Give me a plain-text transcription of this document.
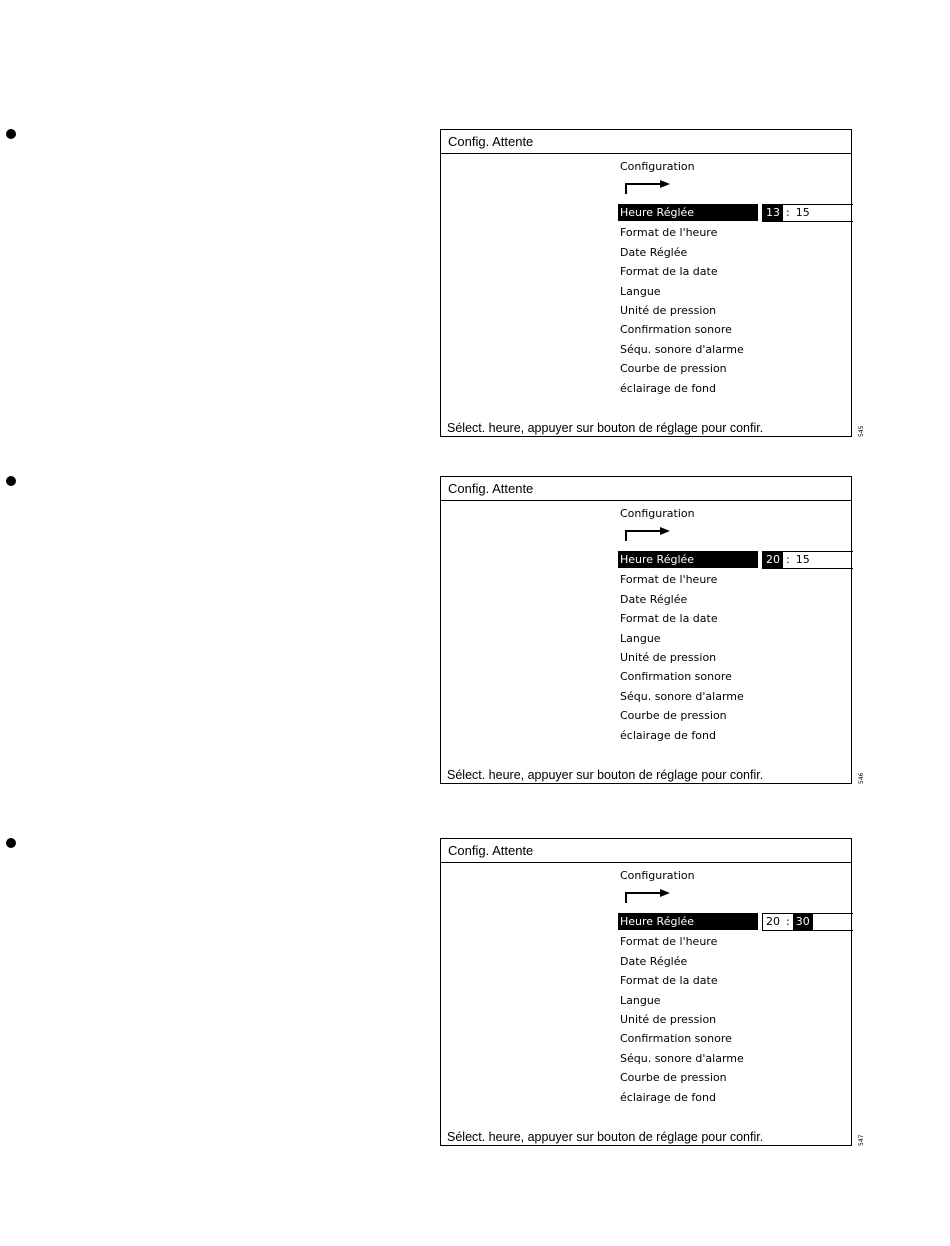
Config. Attente
Configuration
Heure Réglée
Format de l'heure
Date Réglée
Format de la date
Langue
Unité de pression
Confirmation sonore
Séqu. sonore d'alarme
Courbe de pression
éclairage de fond
13 : 15
Sélect. heure, appuyer sur bouton de réglage pour confir.	545
Config. Attente
Configuration
Heure Réglée
Format de l'heure
Date Réglée
Format de la date
Langue
Unité de pression
Confirmation sonore
Séqu. sonore d'alarme
Courbe de pression
éclairage de fond
20 : 15
Sélect. heure, appuyer sur bouton de réglage pour confir.	546
Config. Attente
Configuration
Heure Réglée
Format de l'heure
Date Réglée
Format de la date
Langue
Unité de pression
Confirmation sonore
Séqu. sonore d'alarme
Courbe de pression
éclairage de fond
20 : 30
Sélect. heure, appuyer sur bouton de réglage pour confir.	547
